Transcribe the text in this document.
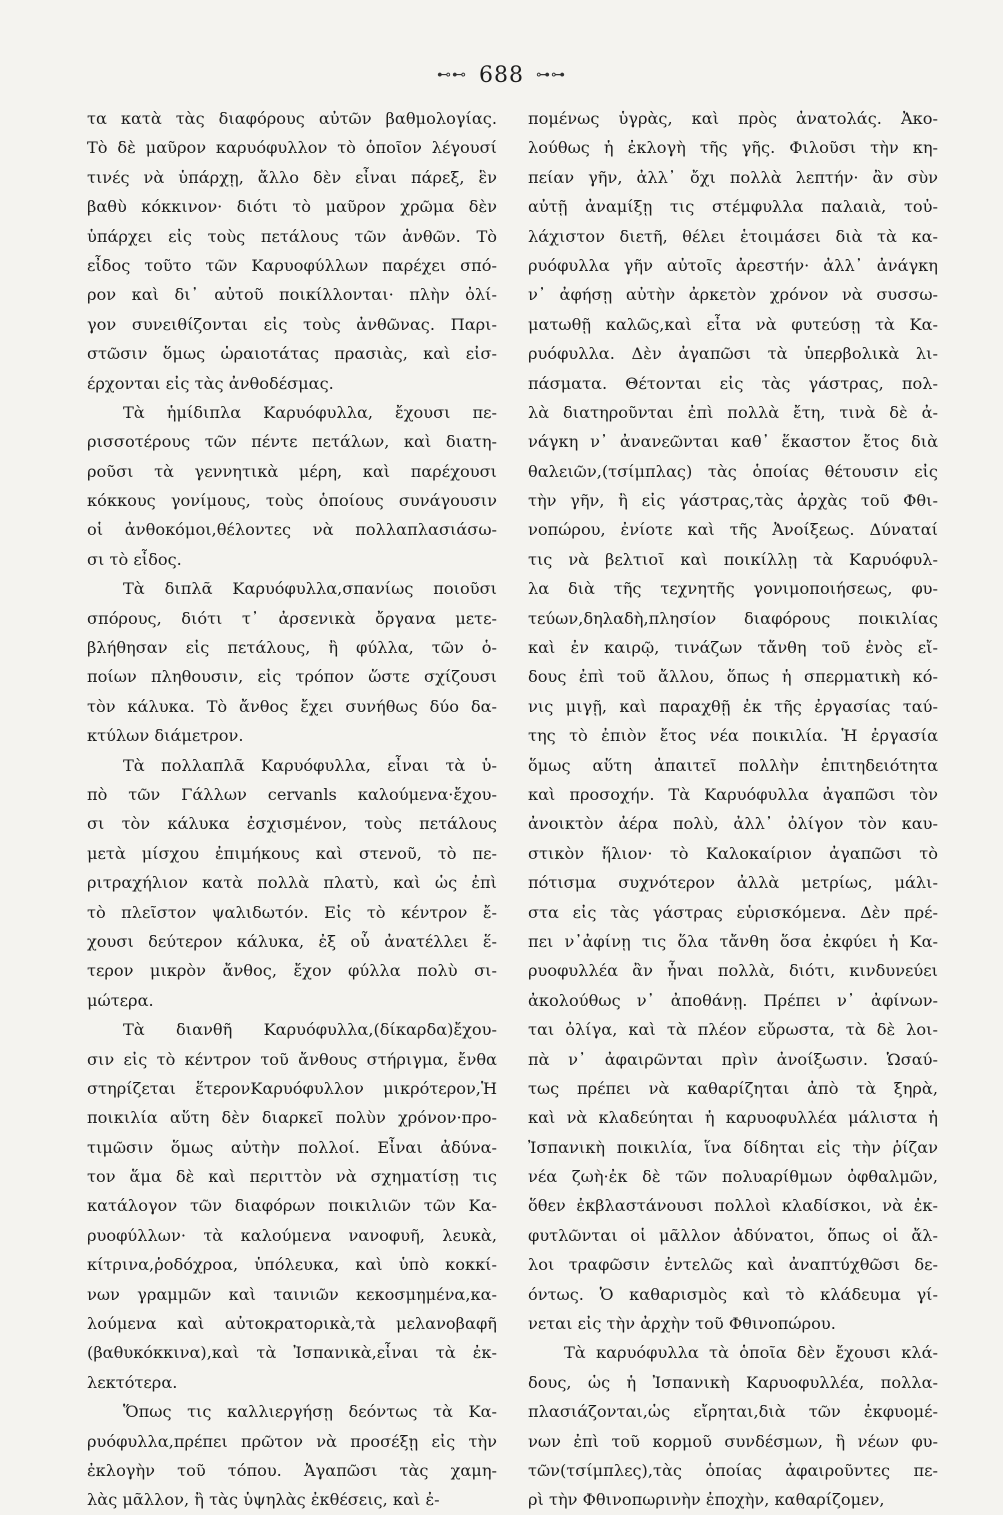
⊷⊷ 688 ⊶⊶
τα κατὰ τὰς διαφόρους αὐτῶν βαθμολογίας.
Τὸ δὲ μαῦρον καρυόφυλλον τὸ ὁποῖον λέγουσί
τινές νὰ ὑπάρχῃ, ἄλλο δὲν εἶναι πάρεξ, ἓν
βαθὺ κόκκινον· διότι τὸ μαῦρον χρῶμα δὲν
ὑπάρχει εἰς τοὺς πετάλους τῶν ἀνθῶν. Τὸ
εἶδος τοῦτο τῶν Καρυοφύλλων παρέχει σπό-
ρον καὶ δι᾽ αὐτοῦ ποικίλλονται· πλὴν ὀλί-
γον συνειθίζονται εἰς τοὺς ἀνθῶνας. Παρι-
στῶσιν ὅμως ὡραιοτάτας πρασιὰς, καὶ εἰσ-
έρχονται εἰς τὰς ἀνθοδέσμας.
Τὰ ἡμίδιπλα Καρυόφυλλα, ἔχουσι πε-
ρισσοτέρους τῶν πέντε πετάλων, καὶ διατη-
ροῦσι τὰ γεννητικὰ μέρη, καὶ παρέχουσι
κόκκους γονίμους, τοὺς ὁποίους συνάγουσιν
οἱ ἀνθοκόμοι,θέλοντες νὰ πολλαπλασιάσω-
σι τὸ εἶδος.
Τὰ διπλᾶ Καρυόφυλλα,σπανίως ποιοῦσι
σπόρους, διότι τ᾽ ἀρσενικὰ ὄργανα μετε-
βλήθησαν εἰς πετάλους, ἢ φύλλα, τῶν ὁ-
ποίων πληθουσιν, εἰς τρόπον ὥστε σχίζουσι
τὸν κάλυκα. Τὸ ἄνθος ἔχει συνήθως δύο δα-
κτύλων διάμετρον.
Τὰ πολλαπλᾶ Καρυόφυλλα, εἶναι τὰ ὑ-
πὸ τῶν Γάλλων cervanls καλούμενα·ἔχου-
σι τὸν κάλυκα ἐσχισμένον, τοὺς πετάλους
μετὰ μίσχου ἐπιμήκους καὶ στενοῦ, τὸ πε-
ριτραχήλιον κατὰ πολλὰ πλατὺ, καὶ ὡς ἐπὶ
τὸ πλεῖστον ψαλιδωτόν. Εἰς τὸ κέντρον ἔ-
χουσι δεύτερον κάλυκα, ἐξ οὗ ἀνατέλλει ἕ-
τερον μικρὸν ἄνθος, ἔχον φύλλα πολὺ σι-
μώτερα.
Τὰ διανθῆ Καρυόφυλλα,(δίκαρδα)ἔχου-
σιν εἰς τὸ κέντρον τοῦ ἄνθους στήριγμα, ἔνθα
στηρίζεται ἕτερονΚαρυόφυλλον μικρότερον,Ἡ
ποικιλία αὕτη δὲν διαρκεῖ πολὺν χρόνον·προ-
τιμῶσιν ὅμως αὐτὴν πολλοί. Εἶναι ἀδύνα-
τον ἅμα δὲ καὶ περιττὸν νὰ σχηματίσῃ τις
κατάλογον τῶν διαφόρων ποικιλιῶν τῶν Κα-
ρυοφύλλων· τὰ καλούμενα νανοφυῆ, λευκὰ,
κίτρινα,ῥοδόχροα, ὑπόλευκα, καὶ ὑπὸ κοκκί-
νων γραμμῶν καὶ ταινιῶν κεκοσμημένα,κα-
λούμενα καὶ αὐτοκρατορικὰ,τὰ μελανοβαφῆ
(βαθυκόκκινα),καὶ τὰ Ἰσπανικὰ,εἶναι τὰ ἐκ-
λεκτότερα.
Ὅπως τις καλλιεργήσῃ δεόντως τὰ Κα-
ρυόφυλλα,πρέπει πρῶτον νὰ προσέξῃ εἰς τὴν
ἐκλογὴν τοῦ τόπου. Ἀγαπῶσι τὰς χαμη-
λὰς μᾶλλον, ἢ τὰς ὑψηλὰς ἐκθέσεις, καὶ ἐ-
πομένως ὑγρὰς, καὶ πρὸς ἀνατολάς. Ἀκο-
λούθως ἡ ἐκλογὴ τῆς γῆς. Φιλοῦσι τὴν κη-
πείαν γῆν, ἀλλ᾽ ὄχι πολλὰ λεπτήν· ἂν σὺν
αὐτῇ ἀναμίξῃ τις στέμφυλλα παλαιὰ, τοὐ-
λάχιστον διετῆ, θέλει ἑτοιμάσει διὰ τὰ κα-
ρυόφυλλα γῆν αὐτοῖς ἀρεστήν· ἀλλ᾽ ἀνάγκη
ν᾽ ἀφήσῃ αὐτὴν ἀρκετὸν χρόνον νὰ συσσω-
ματωθῇ καλῶς,καὶ εἶτα νὰ φυτεύσῃ τὰ Κα-
ρυόφυλλα. Δὲν ἀγαπῶσι τὰ ὑπερβολικὰ λι-
πάσματα. Θέτονται εἰς τὰς γάστρας, πολ-
λὰ διατηροῦνται ἐπὶ πολλὰ ἔτη, τινὰ δὲ ἀ-
νάγκη ν᾽ ἀνανεῶνται καθ᾽ ἕκαστον ἔτος διὰ
θαλειῶν,(τσίμπλας) τὰς ὁποίας θέτουσιν εἰς
τὴν γῆν, ἢ εἰς γάστρας,τὰς ἀρχὰς τοῦ Φθι-
νοπώρου, ἐνίοτε καὶ τῆς Ἀνοίξεως. Δύναταί
τις νὰ βελτιοῖ καὶ ποικίλλῃ τὰ Καρυόφυλ-
λα διὰ τῆς τεχνητῆς γονιμοποιήσεως, φυ-
τεύων,δηλαδὴ,πλησίον διαφόρους ποικιλίας
καὶ ἐν καιρῷ, τινάζων τἄνθη τοῦ ἑνὸς εἴ-
δους ἐπὶ τοῦ ἄλλου, ὅπως ἡ σπερματικὴ κό-
νις μιγῇ, καὶ παραχθῇ ἐκ τῆς ἐργασίας ταύ-
της τὸ ἐπιὸν ἔτος νέα ποικιλία. Ἡ ἐργασία
ὅμως αὕτη ἀπαιτεῖ πολλὴν ἐπιτηδειότητα
καὶ προσοχήν. Τὰ Καρυόφυλλα ἀγαπῶσι τὸν
ἀνοικτὸν ἀέρα πολὺ, ἀλλ᾽ ὀλίγον τὸν καυ-
στικὸν ἥλιον· τὸ Καλοκαίριον ἀγαπῶσι τὸ
πότισμα συχνότερον ἀλλὰ μετρίως, μάλι-
στα εἰς τὰς γάστρας εὑρισκόμενα. Δὲν πρέ-
πει ν᾽ἀφίνῃ τις ὅλα τἄνθη ὅσα ἐκφύει ἡ Κα-
ρυοφυλλέα ἂν ἦναι πολλὰ, διότι, κινδυνεύει
ἀκολούθως ν᾽ ἀποθάνῃ. Πρέπει ν᾽ ἀφίνων-
ται ὀλίγα, καὶ τὰ πλέον εὔρωστα, τὰ δὲ λοι-
πὰ ν᾽ ἀφαιρῶνται πρὶν ἀνοίξωσιν. Ὡσαύ-
τως πρέπει νὰ καθαρίζηται ἀπὸ τὰ ξηρὰ,
καὶ νὰ κλαδεύηται ἡ καρυοφυλλέα μάλιστα ἡ
Ἰσπανικὴ ποικιλία, ἵνα δίδηται εἰς τὴν ῥίζαν
νέα ζωὴ·ἐκ δὲ τῶν πολυαρίθμων ὀφθαλμῶν,
ὅθεν ἐκβλαστάνουσι πολλοὶ κλαδίσκοι, νὰ ἐκ-
φυτλῶνται οἱ μᾶλλον ἀδύνατοι, ὅπως οἱ ἄλ-
λοι τραφῶσιν ἐντελῶς καὶ ἀναπτύχθῶσι δε-
όντως. Ὁ καθαρισμὸς καὶ τὸ κλάδευμα γί-
νεται εἰς τὴν ἀρχὴν τοῦ Φθινοπώρου.
Τὰ καρυόφυλλα τὰ ὁποῖα δὲν ἔχουσι κλά-
δους, ὡς ἡ Ἰσπανικὴ Καρυοφυλλέα, πολλα-
πλασιάζονται,ὡς εἴρηται,διὰ τῶν ἐκφυομέ-
νων ἐπὶ τοῦ κορμοῦ συνδέσμων, ἢ νέων φυ-
τῶν(τσίμπλες),τὰς ὁποίας ἀφαιροῦντες πε-
ρὶ τὴν Φθινοπωρινὴν ἐποχὴν, καθαρίζομεν,
